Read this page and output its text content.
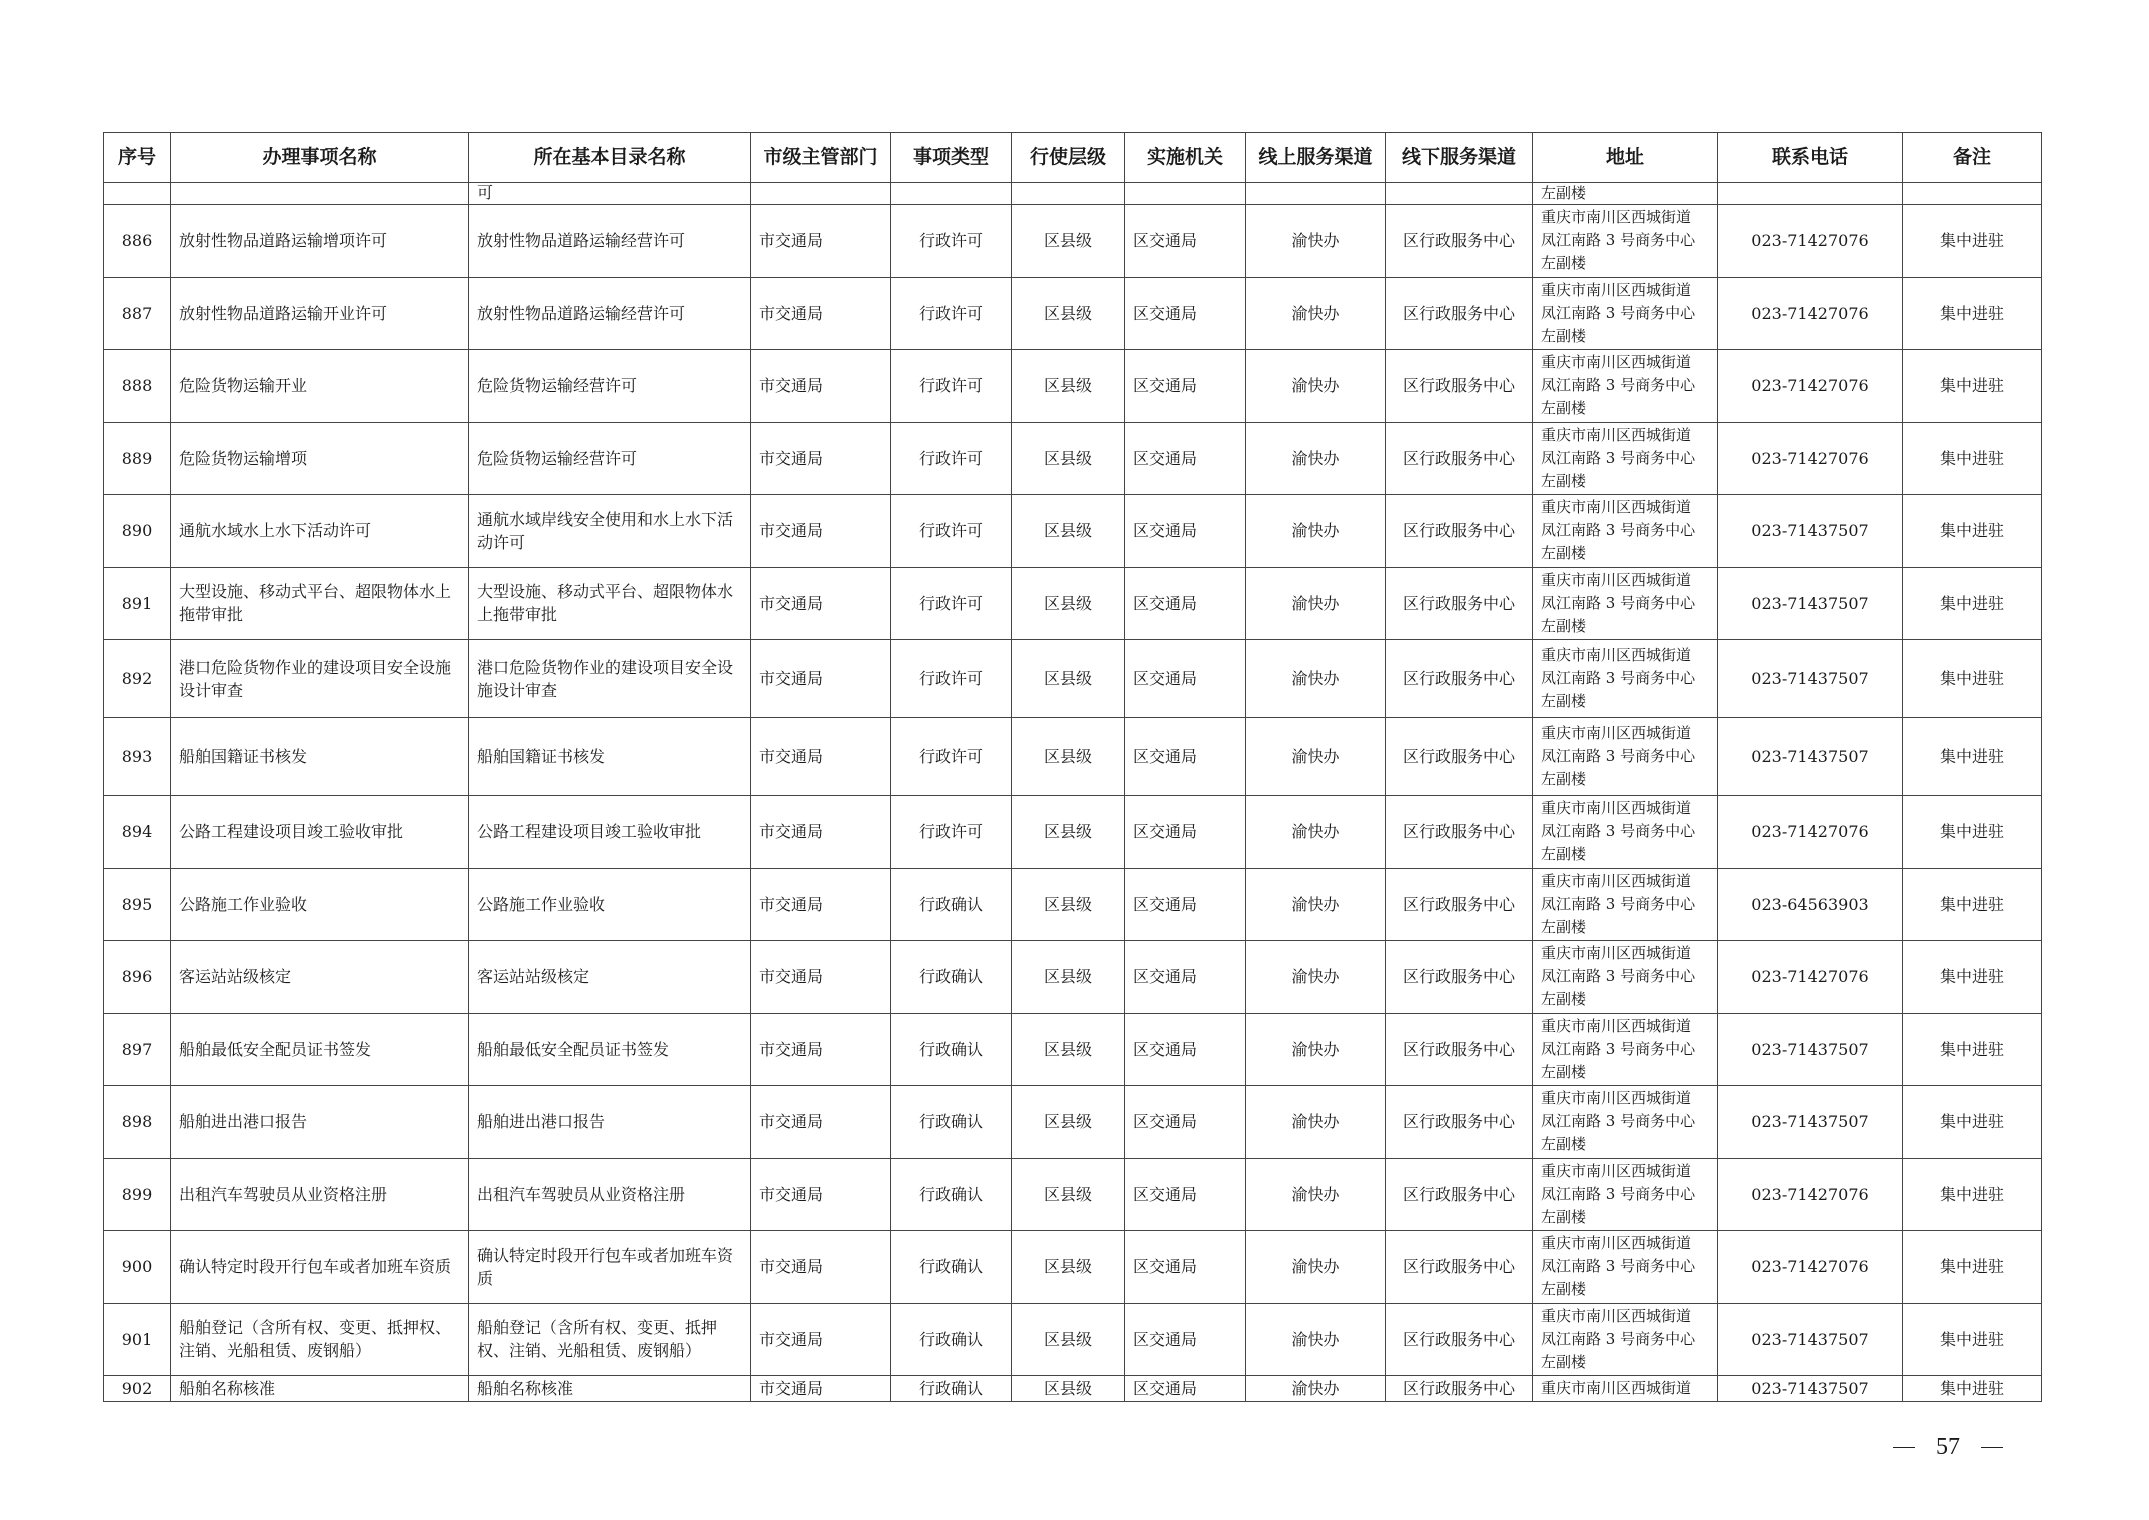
序号	办理事项名称	所在基本目录名称	市级主管部门	事项类型	行使层级	实施机关	线上服务渠道	线下服务渠道	地址	联系电话	备注
		可							左副楼		
886	放射性物品道路运输增项许可	放射性物品道路运输经营许可	市交通局	行政许可	区县级	区交通局	渝快办	区行政服务中心	重庆市南川区西城街道
凤江南路 3 号商务中心
左副楼	023-71427076	集中进驻
887	放射性物品道路运输开业许可	放射性物品道路运输经营许可	市交通局	行政许可	区县级	区交通局	渝快办	区行政服务中心	重庆市南川区西城街道
凤江南路 3 号商务中心
左副楼	023-71427076	集中进驻
888	危险货物运输开业	危险货物运输经营许可	市交通局	行政许可	区县级	区交通局	渝快办	区行政服务中心	重庆市南川区西城街道
凤江南路 3 号商务中心
左副楼	023-71427076	集中进驻
889	危险货物运输增项	危险货物运输经营许可	市交通局	行政许可	区县级	区交通局	渝快办	区行政服务中心	重庆市南川区西城街道
凤江南路 3 号商务中心
左副楼	023-71427076	集中进驻
890	通航水域水上水下活动许可	通航水域岸线安全使用和水上水下活动许可	市交通局	行政许可	区县级	区交通局	渝快办	区行政服务中心	重庆市南川区西城街道
凤江南路 3 号商务中心
左副楼	023-71437507	集中进驻
891	大型设施、移动式平台、超限物体水上拖带审批	大型设施、移动式平台、超限物体水上拖带审批	市交通局	行政许可	区县级	区交通局	渝快办	区行政服务中心	重庆市南川区西城街道
凤江南路 3 号商务中心
左副楼	023-71437507	集中进驻
892	港口危险货物作业的建设项目安全设施设计审查	港口危险货物作业的建设项目安全设施设计审查	市交通局	行政许可	区县级	区交通局	渝快办	区行政服务中心	重庆市南川区西城街道
凤江南路 3 号商务中心
左副楼	023-71437507	集中进驻
893	船舶国籍证书核发	船舶国籍证书核发	市交通局	行政许可	区县级	区交通局	渝快办	区行政服务中心	重庆市南川区西城街道
凤江南路 3 号商务中心
左副楼	023-71437507	集中进驻
894	公路工程建设项目竣工验收审批	公路工程建设项目竣工验收审批	市交通局	行政许可	区县级	区交通局	渝快办	区行政服务中心	重庆市南川区西城街道
凤江南路 3 号商务中心
左副楼	023-71427076	集中进驻
895	公路施工作业验收	公路施工作业验收	市交通局	行政确认	区县级	区交通局	渝快办	区行政服务中心	重庆市南川区西城街道
凤江南路 3 号商务中心
左副楼	023-64563903	集中进驻
896	客运站站级核定	客运站站级核定	市交通局	行政确认	区县级	区交通局	渝快办	区行政服务中心	重庆市南川区西城街道
凤江南路 3 号商务中心
左副楼	023-71427076	集中进驻
897	船舶最低安全配员证书签发	船舶最低安全配员证书签发	市交通局	行政确认	区县级	区交通局	渝快办	区行政服务中心	重庆市南川区西城街道
凤江南路 3 号商务中心
左副楼	023-71437507	集中进驻
898	船舶进出港口报告	船舶进出港口报告	市交通局	行政确认	区县级	区交通局	渝快办	区行政服务中心	重庆市南川区西城街道
凤江南路 3 号商务中心
左副楼	023-71437507	集中进驻
899	出租汽车驾驶员从业资格注册	出租汽车驾驶员从业资格注册	市交通局	行政确认	区县级	区交通局	渝快办	区行政服务中心	重庆市南川区西城街道
凤江南路 3 号商务中心
左副楼	023-71427076	集中进驻
900	确认特定时段开行包车或者加班车资质	确认特定时段开行包车或者加班车资质	市交通局	行政确认	区县级	区交通局	渝快办	区行政服务中心	重庆市南川区西城街道
凤江南路 3 号商务中心
左副楼	023-71427076	集中进驻
901	船舶登记（含所有权、变更、抵押权、注销、光船租赁、废钢船）	船舶登记（含所有权、变更、抵押权、注销、光船租赁、废钢船）	市交通局	行政确认	区县级	区交通局	渝快办	区行政服务中心	重庆市南川区西城街道
凤江南路 3 号商务中心
左副楼	023-71437507	集中进驻
902	船舶名称核准	船舶名称核准	市交通局	行政确认	区县级	区交通局	渝快办	区行政服务中心	重庆市南川区西城街道	023-71437507	集中进驻
57
